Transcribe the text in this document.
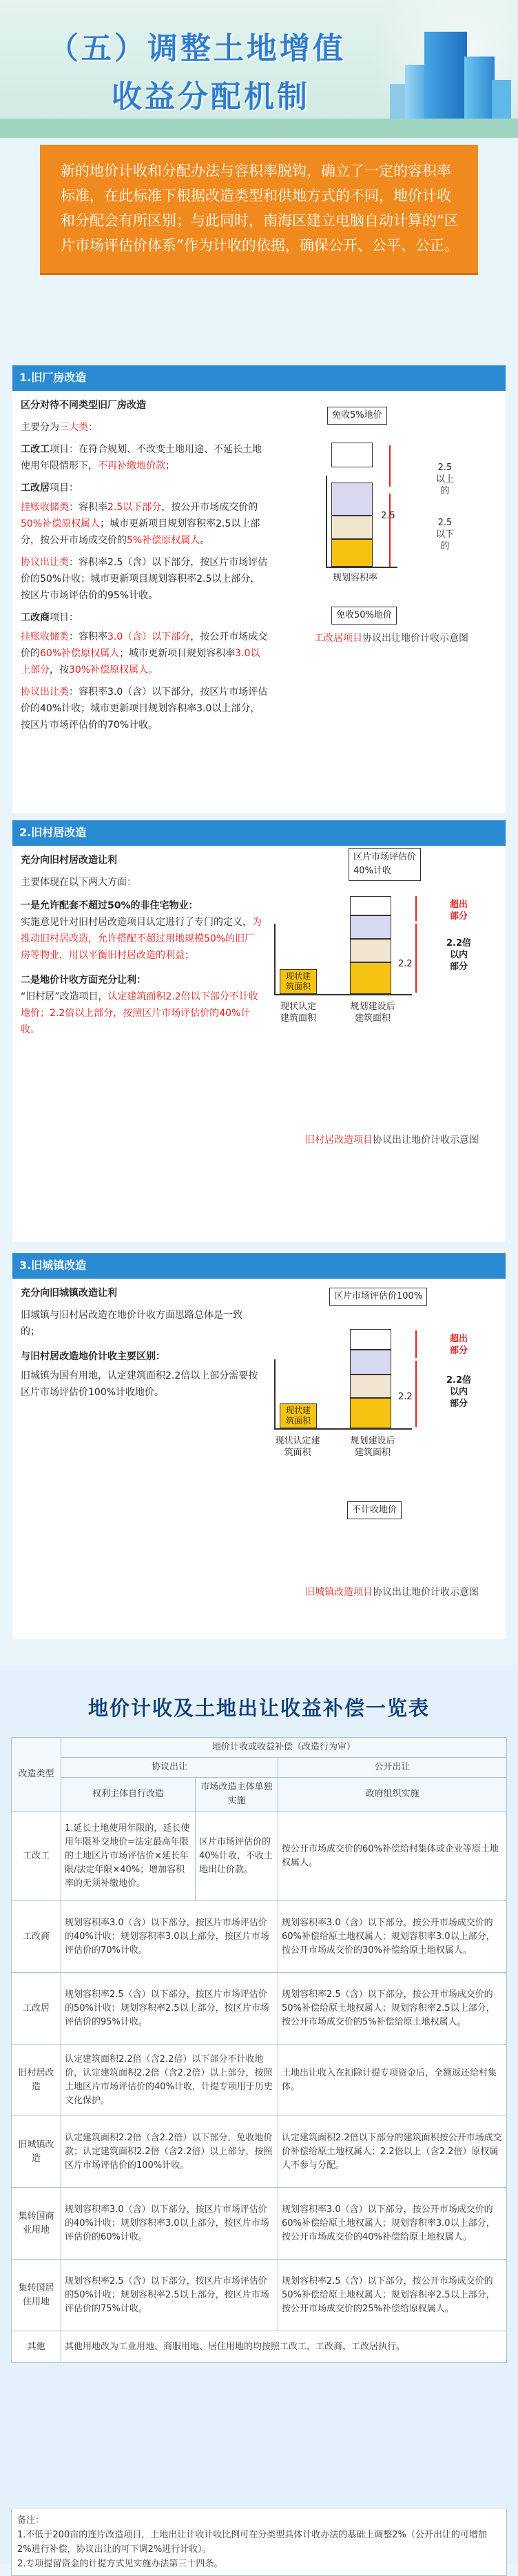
（五）调整土地增值
收益分配机制
新的地价计收和分配办法与容积率脱钩，确立了一定的容积率标准，在此标准下根据改造类型和供地方式的不同，地价计收和分配会有所区别；与此同时，南海区建立电脑自动计算的“区片市场评估价体系”作为计收的依据，确保公开、公平、公正。
1.旧厂房改造

区分对待不同类型旧厂房改造

主要分为三大类：

工改工项目：在符合规划、不改变土地用途、不延长土地使用年限情形下，不再补缴地价款；

工改居项目：

挂账收储类：容积率2.5以下部分，按公开市场成交价的50%补偿原权属人；城市更新项目规划容积率2.5以上部分，按公开市场成交价的5%补偿原权属人。

协议出让类：容积率2.5（含）以下部分，按区片市场评估价的50%计收；城市更新项目规划容积率2.5以上部分，按区片市场评估价的95%计收。

工改商项目：

挂账收储类：容积率3.0（含）以下部分，按公开市场成交价的60%补偿原权属人；城市更新项目规划容积率3.0以上部分，按30%补偿原权属人。

协议出让类：容积率3.0（含）以下部分，按区片市场评估价的40%计收；城市更新项目规划容积率3.0以上部分，按区片市场评估价的70%计收。

免收5%地价
2.5
规划容积率
2.5
以上的
2.5
以下的
免收50%地价
工改居项目协议出让地价计收示意图
2.旧村居改造

充分向旧村居改造让利

主要体现在以下两大方面：

一是允许配套不超过50%的非住宅物业：

实施意见针对旧村居改造项目认定进行了专门的定义，为推动旧村居改造，允许搭配不超过用地规模50%的旧厂房等物业，用以平衡旧村居改造的利益；

二是地价计收方面充分让利：

“旧村居”改造项目，认定建筑面积2.2倍以下部分不计收地价；2.2倍以上部分，按照区片市场评估价的40%计收。

区片市场评估价
40%计收
现状建
筑面积
2.2
超出
部分
2.2倍
以内
部分
现状认定
建筑面积
规划建设后
建筑面积
旧村居改造项目协议出让地价计收示意图
3.旧城镇改造

充分向旧城镇改造让利

旧城镇与旧村居改造在地价计收方面思路总体是一致的；

与旧村居改造地价计收主要区别：

旧城镇为国有用地，认定建筑面积2.2倍以上部分需要按区片市场评估价100%计收地价。

区片市场评估价100%
现状建
筑面积
2.2
超出
部分
2.2倍
以内
部分
现状认定建
筑面积
规划建设后
建筑面积
不计收地价
旧城镇改造项目协议出让地价计收示意图
地价计收及土地出让收益补偿一览表
改造类型	地价计收或收益补偿（改造行为审）		
	协议出让		公开出让
	权利主体自行改造	市场改造主体单独实施	政府组织实施
工改工	1.延长土地使用年限的，延长使用年限补交地价=法定最高年限的土地区片市场评估价×延长年限/法定年限×40%；增加容积率的无须补缴地价。	区片市场评估价的40%计收，不收土地出让价款。	按公开市场成交价的60%补偿给村集体或企业等原土地权属人。
工改商	规划容积率3.0（含）以下部分，按区片市场评估价的40%计收；规划容积率3.0以上部分，按区片市场评估价的70%计收。		规划容积率3.0（含）以下部分，按公开市场成交价的60%补偿给原土地权属人；规划容积率3.0以上部分，按公开市场成交价的30%补偿给原土地权属人。
工改居	规划容积率2.5（含）以下部分，按区片市场评估价的50%计收；规划容积率2.5以上部分，按区片市场评估价的95%计收。		规划容积率2.5（含）以下部分，按公开市场成交价的50%补偿给原土地权属人；规划容积率2.5以上部分，按公开市场成交价的5%补偿给原土地权属人。
旧村居改造	认定建筑面积2.2倍（含2.2倍）以下部分不计收地价，认定建筑面积2.2倍（含2.2倍）以上部分，按照土地区片市场评估价的40%计收，计提专项用于历史文化保护。		土地出让收入在扣除计提专项资金后，全额返还给村集体。
旧城镇改造	认定建筑面积2.2倍（含2.2倍）以下部分，免收地价款；认定建筑面积2.2倍（含2.2倍）以上部分，按照区片市场评估价的100%计收。		认定建筑面积2.2倍以下部分的建筑面积按公开市场成交价补偿给原土地权属人；2.2倍以上（含2.2倍）原权属人不参与分配。
集转国商业用地	规划容积率3.0（含）以下部分，按区片市场评估价的40%计收；规划容积率3.0以上部分，按区片市场评估价的60%计收。		规划容积率3.0（含）以下部分，按公开市场成交价的60%补偿给原土地权属人；规划容积率3.0以上部分，按公开市场成交价的40%补偿给原土地权属人。
集转国居住用地	规划容积率2.5（含）以下部分，按区片市场评估价的50%计收；规划容积率2.5以上部分，按区片市场评估价的75%计收。		规划容积率2.5（含）以下部分，按公开市场成交价的50%补偿给原土地权属人；规划容积率2.5以上部分，按公开市场成交价的25%补偿给原权属人。
其他	其他用地改为工业用地、商服用地、居住用地的均按照工改工、工改商、工改居执行。		

备注：

1.不低于200亩的连片改造项目，土地出让计收计收比例可在分类型具体计收办法的基础上调整2%（公开出让的可增加2%进行补偿，协议出让的可下调2%进行计收）。

2.专项提留资金的计提方式见实施办法第三十四条。
